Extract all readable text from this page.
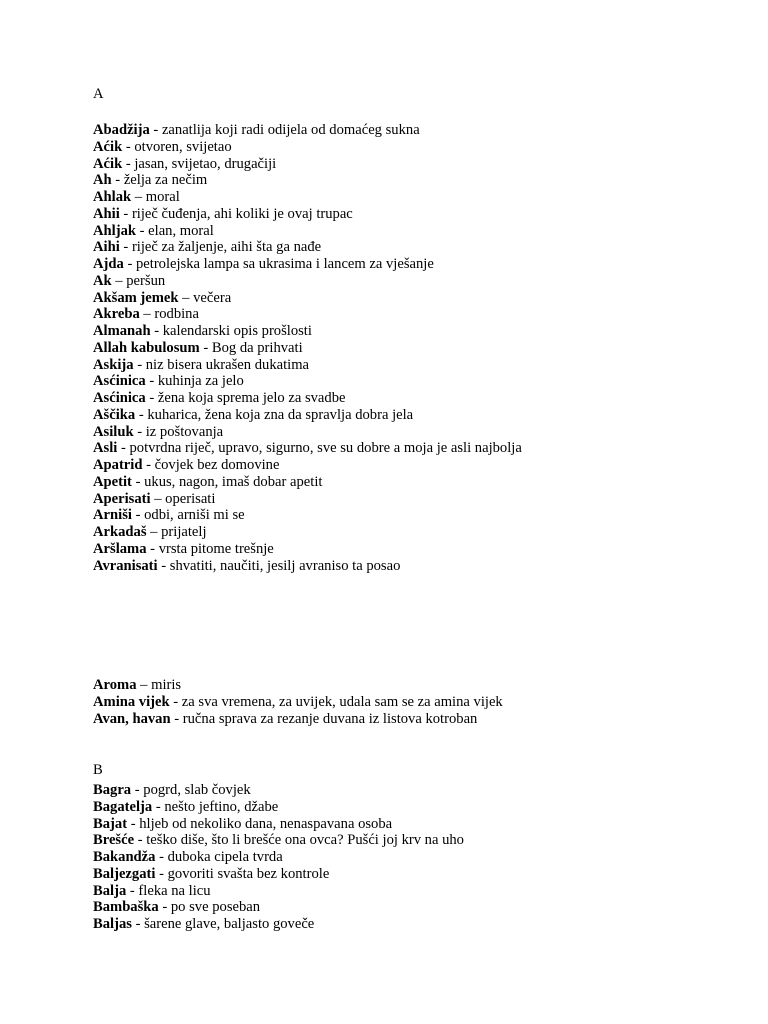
A
Abadžija - zanatlija koji radi odijela od domaćeg sukna
Aćik - otvoren, svijetao
Aćik - jasan, svijetao, drugačiji
Ah - želja za nečim
Ahlak – moral
Ahii - riječ čuđenja, ahi koliki je ovaj trupac
Ahljak - elan, moral
Aihi - riječ za žaljenje, aihi šta ga nađe
Ajda - petrolejska lampa sa ukrasima i lancem za vješanje
Ak – peršun
Akšam jemek – večera
Akreba – rodbina
Almanah - kalendarski opis prošlosti
Allah kabulosum - Bog da prihvati
Askija - niz bisera ukrašen dukatima
Asćinica - kuhinja za jelo
Asćinica - žena koja sprema jelo za svadbe
Aščika - kuharica, žena koja zna da spravlja dobra jela
Asiluk - iz poštovanja
Asli - potvrdna riječ, upravo, sigurno, sve su dobre a moja je asli najbolja
Apatrid - čovjek bez domovine
Apetit - ukus, nagon, imaš dobar apetit
Aperisati – operisati
Arniši - odbi, arniši mi se
Arkadaš – prijatelj
Aršlama - vrsta pitome trešnje
Avranisati - shvatiti, naučiti, jesilj avraniso ta posao
Aroma – miris
Amina vijek - za sva vremena, za uvijek, udala sam se za amina vijek
Avan, havan - ručna sprava za rezanje duvana iz listova kotroban
B
Bagra - pogrd, slab čovjek
Bagatelja - nešto jeftino, džabe
Bajat - hljeb od nekoliko dana, nenaspavana osoba
Brešće - teško diše, što li brešće ona ovca? Pušći joj krv na uho
Bakandža - duboka cipela tvrda
Baljezgati - govoriti svašta bez kontrole
Balja - fleka na licu
Bambaška - po sve poseban
Baljas - šarene glave, baljasto goveče
